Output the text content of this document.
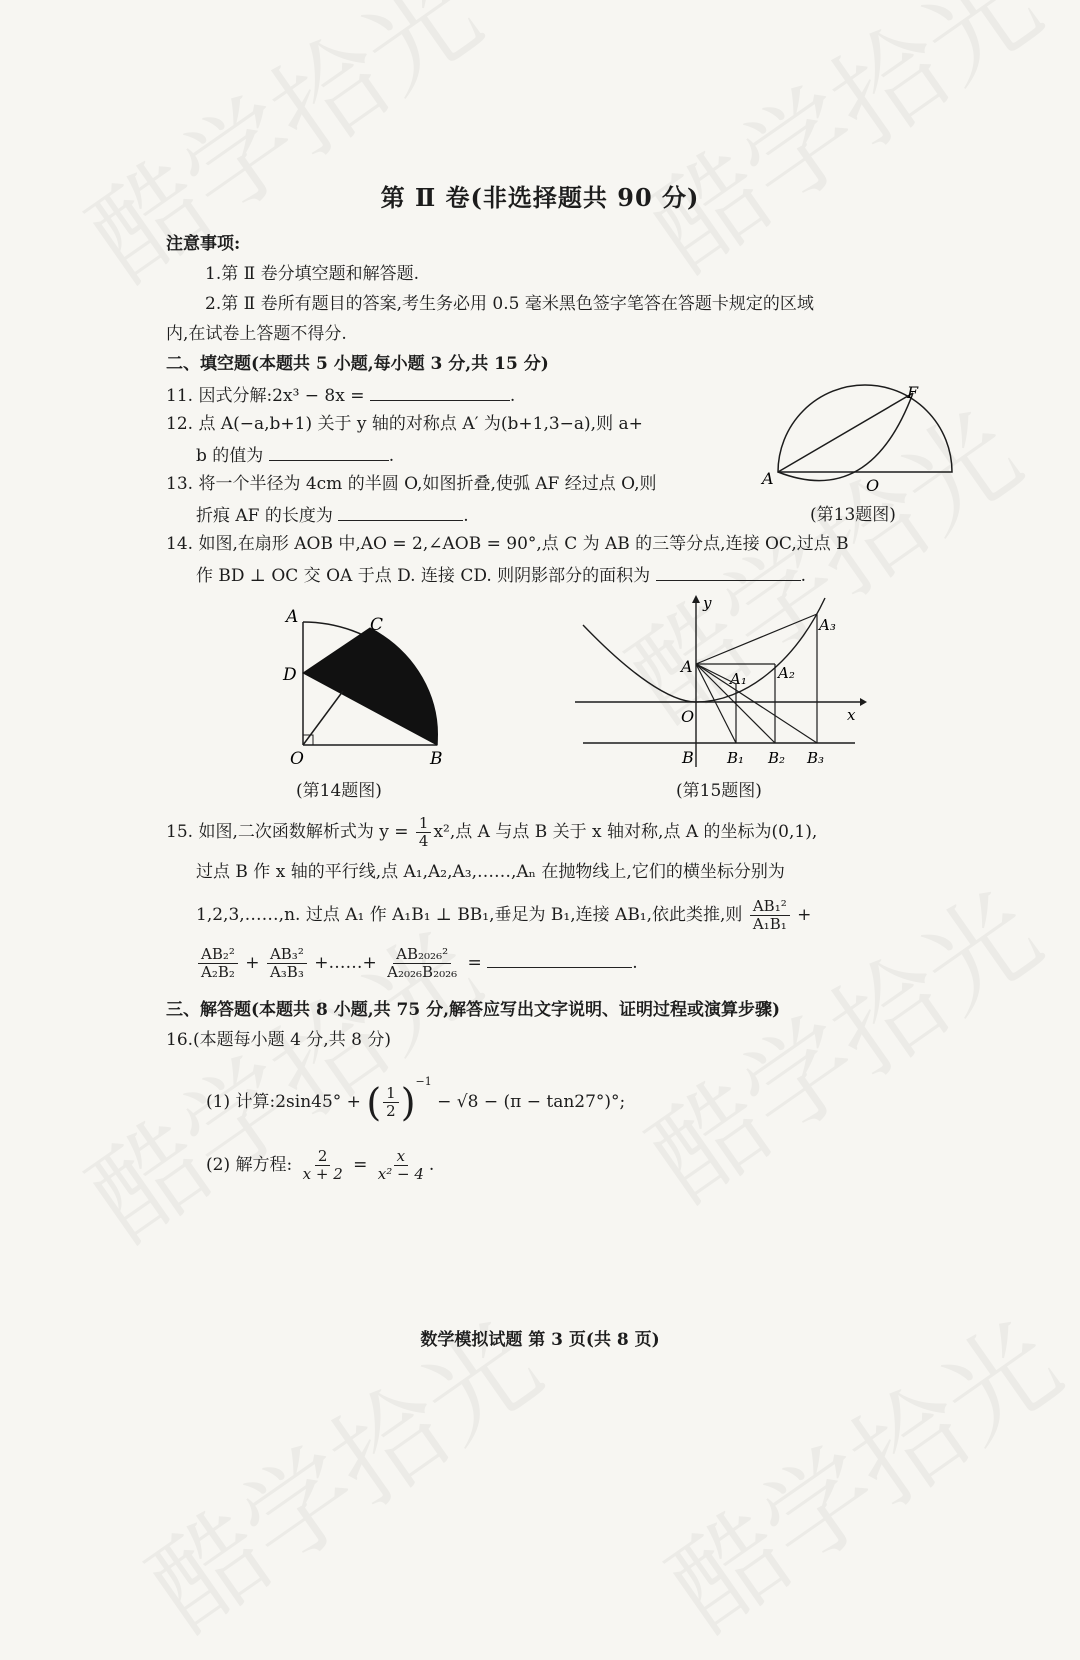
第 Ⅱ 卷(非选择题共 90 分)
注意事项:
1.第 Ⅱ 卷分填空题和解答题.
2.第 Ⅱ 卷所有题目的答案,考生务必用 0.5 毫米黑色签字笔答在答题卡规定的区域
内,在试卷上答题不得分.
二、填空题(本题共 5 小题,每小题 3 分,共 15 分)
11. 因式分解:2x³ − 8x =	.
12. 点 A(−a,b+1) 关于 y 轴的对称点 A′ 为(b+1,3−a),则 a+
b 的值为	.
13. 将一个半径为 4cm 的半圆 O,如图折叠,使弧 AF 经过点 O,则
折痕 AF 的长度为	.
A	O
F
(第13题图)
14. 如图,在扇形 AOB 中,AO = 2,∠AOB = 90°,点 C 为 AB 的三等分点,连接 OC,过点 B
作 BD ⊥ OC 交 OA 于点 D. 连接 CD. 则阴影部分的面积为	.
A	C
D
O	B
(第14题图)
y
x
O
A
A₁ A₂
A₃
B B₁ B₂ B₃
(第15题图)
15. 如图,二次函数解析式为 $y = \frac{1}{4} x^2$,点 A 与点 B 关于 x 轴对称,点 A 的坐标为(0,1),
过点 B 作 x 轴的平行线,点 A₁,A₂,A₃,……,Aₙ 在抛物线上,它们的横坐标分别为
1,2,3,……,n. 过点 A₁ 作 A₁B₁ ⊥ BB₁,垂足为 B₁,连接 AB₁,依此类推,则 $\frac{\text{AB₁²}}{\text{A₁B₁}}$ +
$\frac{\text{AB₂²}}{\text{A₂B₂}} + \frac{\text{AB₃²}}{\text{A₃B₃}}$ +……+ $\frac{\text{AB₂₀₂₆²}}{\text{A₂₀₂₆B₂₀₂₆}}$ =	.
三、解答题(本题共 8 小题,共 75 分,解答应写出文字说明、证明过程或演算步骤)
16.(本题每小题 4 分,共 8 分)
(1) 计算:2sin45° + ( $\frac{1}{2} )^{-1} - √8 - (\pi - \tan 27^\circ)^\circ$;
(2) 解方程: $\frac{2}{x + 2} = \frac{x}{\text{x² − 4}}$ .
数学模拟试题 第 3 页(共 8 页)
